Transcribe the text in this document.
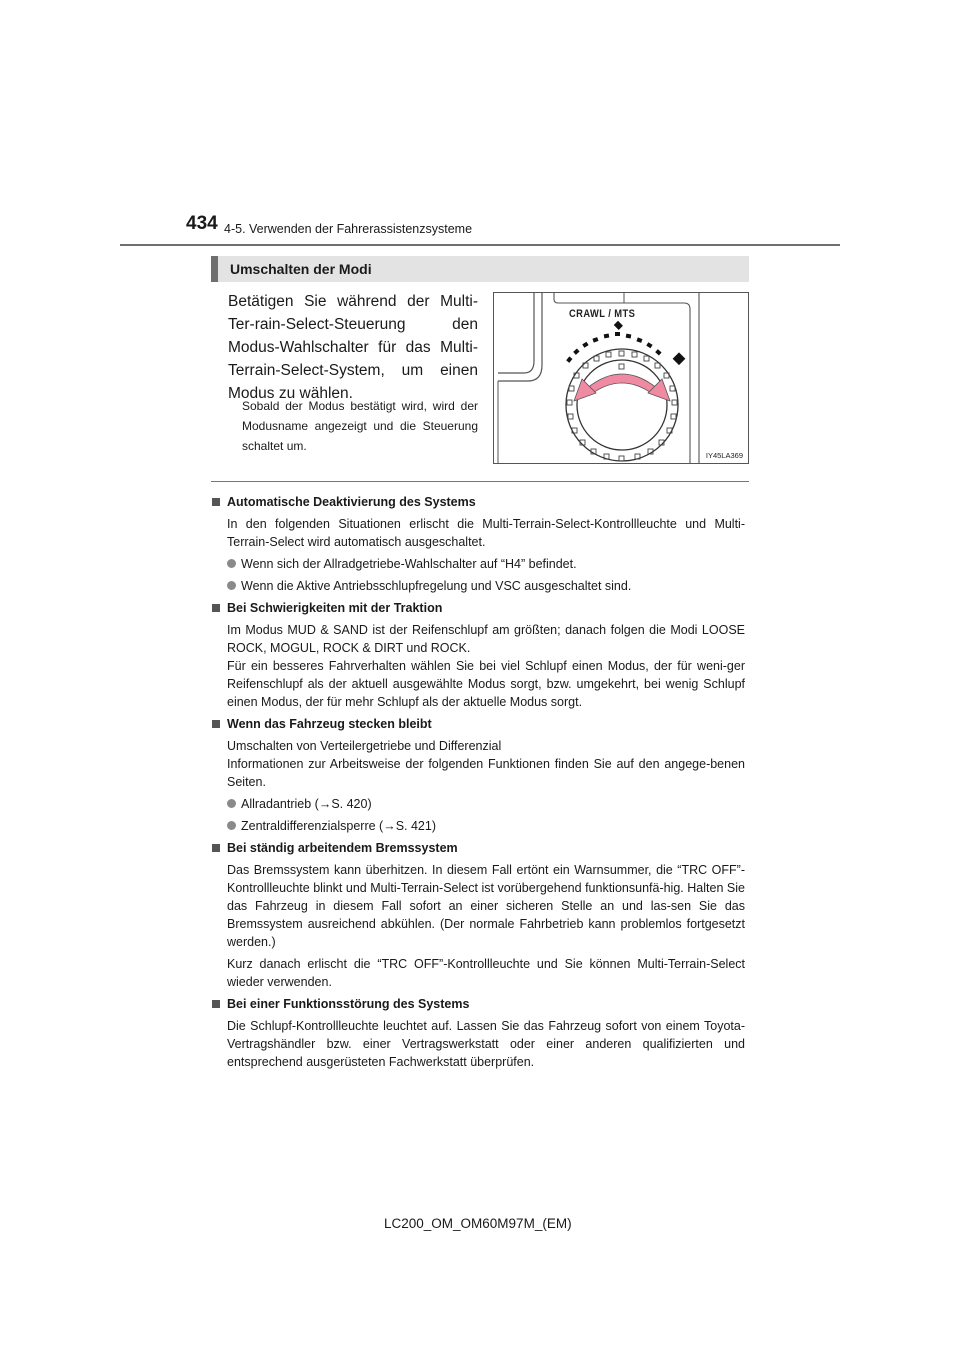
434 4-5. Verwenden der Fahrerassistenzsysteme
Umschalten der Modi
Betätigen Sie während der Multi-Ter-rain-Select-Steuerung den Modus-Wahlschalter für das Multi-Terrain-Select-System, um einen Modus zu wählen.
Sobald der Modus bestätigt wird, wird der Modusname angezeigt und die Steuerung schaltet um.
CRAWL / MTS
IY45LA369
Automatische Deaktivierung des Systems
In den folgenden Situationen erlischt die Multi-Terrain-Select-Kontrollleuchte und Multi-Terrain-Select wird automatisch ausgeschaltet.
Wenn sich der Allradgetriebe-Wahlschalter auf “H4” befindet.
Wenn die Aktive Antriebsschlupfregelung und VSC ausgeschaltet sind.
Bei Schwierigkeiten mit der Traktion
Im Modus MUD & SAND ist der Reifenschlupf am größten; danach folgen die Modi LOOSE ROCK, MOGUL, ROCK & DIRT und ROCK.
Für ein besseres Fahrverhalten wählen Sie bei viel Schlupf einen Modus, der für weni-ger Reifenschlupf als der aktuell ausgewählte Modus sorgt, bzw. umgekehrt, bei wenig Schlupf einen Modus, der für mehr Schlupf als der aktuelle Modus sorgt.
Wenn das Fahrzeug stecken bleibt
Umschalten von Verteilergetriebe und Differenzial
Informationen zur Arbeitsweise der folgenden Funktionen finden Sie auf den angege-benen Seiten.
Allradantrieb (→S. 420)
Zentraldifferenzialsperre (→S. 421)
Bei ständig arbeitendem Bremssystem
Das Bremssystem kann überhitzen. In diesem Fall ertönt ein Warnsummer, die “TRC OFF”-Kontrollleuchte blinkt und Multi-Terrain-Select ist vorübergehend funktionsunfä-hig. Halten Sie das Fahrzeug in diesem Fall sofort an einer sicheren Stelle an und las-sen Sie das Bremssystem ausreichend abkühlen. (Der normale Fahrbetrieb kann problemlos fortgesetzt werden.)
Kurz danach erlischt die “TRC OFF”-Kontrollleuchte und Sie können Multi-Terrain-Select wieder verwenden.
Bei einer Funktionsstörung des Systems
Die Schlupf-Kontrollleuchte leuchtet auf. Lassen Sie das Fahrzeug sofort von einem Toyota-Vertragshändler bzw. einer Vertragswerkstatt oder einer anderen qualifizierten und entsprechend ausgerüsteten Fachwerkstatt überprüfen.
LC200_OM_OM60M97M_(EM)
